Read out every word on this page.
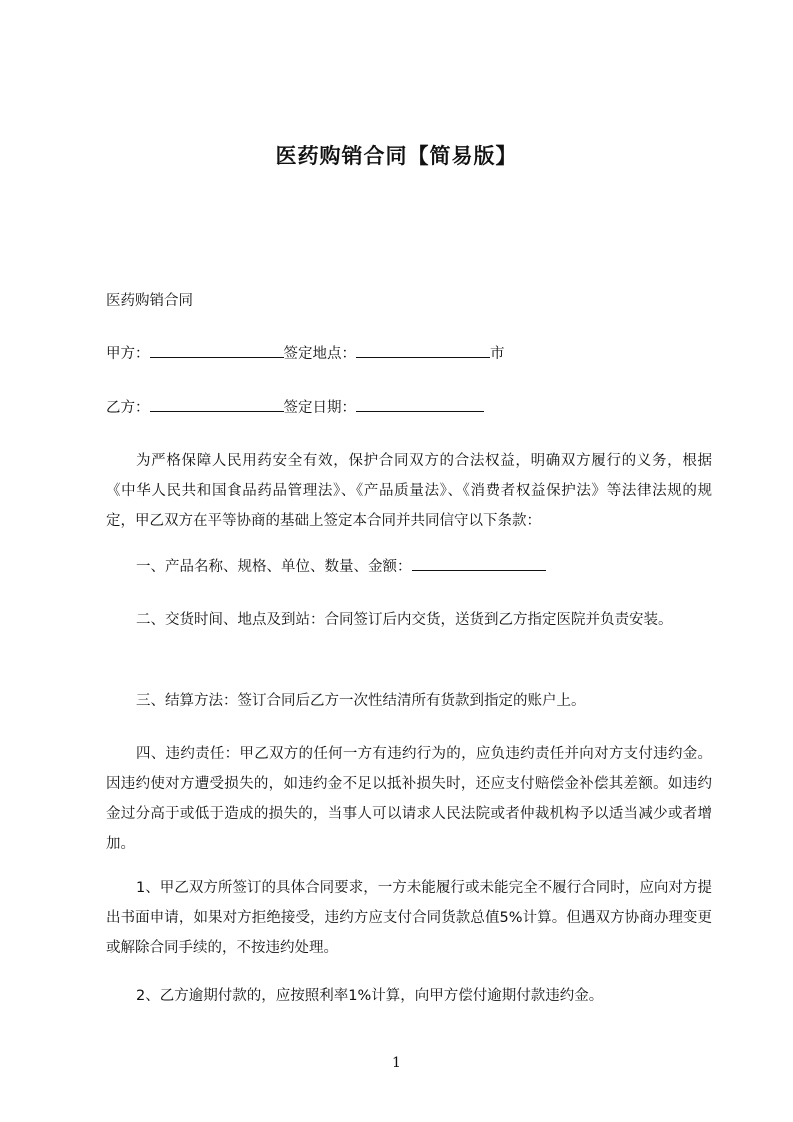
医药购销合同【简易版】

医药购销合同

甲方：	签定地点：	市

乙方：	签定日期：

为严格保障人民用药安全有效，保护合同双方的合法权益，明确双方履行的义务，根据《中华人民共和国食品药品管理法》、《产品质量法》、《消费者权益保护法》等法律法规的规定，甲乙双方在平等协商的基础上签定本合同并共同信守以下条款：

一、产品名称、规格、单位、数量、金额：

二、交货时间、地点及到站：合同签订后内交货，送货到乙方指定医院并负责安装。

三、结算方法：签订合同后乙方一次性结清所有货款到指定的账户上。

四、违约责任：甲乙双方的任何一方有违约行为的，应负违约责任并向对方支付违约金。因违约使对方遭受损失的，如违约金不足以抵补损失时，还应支付赔偿金补偿其差额。如违约金过分高于或低于造成的损失的，当事人可以请求人民法院或者仲裁机构予以适当减少或者增加。

1、甲乙双方所签订的具体合同要求，一方未能履行或未能完全不履行合同时，应向对方提出书面申请，如果对方拒绝接受，违约方应支付合同货款总值5%计算。但遇双方协商办理变更或解除合同手续的，不按违约处理。

2、乙方逾期付款的，应按照利率1%计算，向甲方偿付逾期付款违约金。

1
